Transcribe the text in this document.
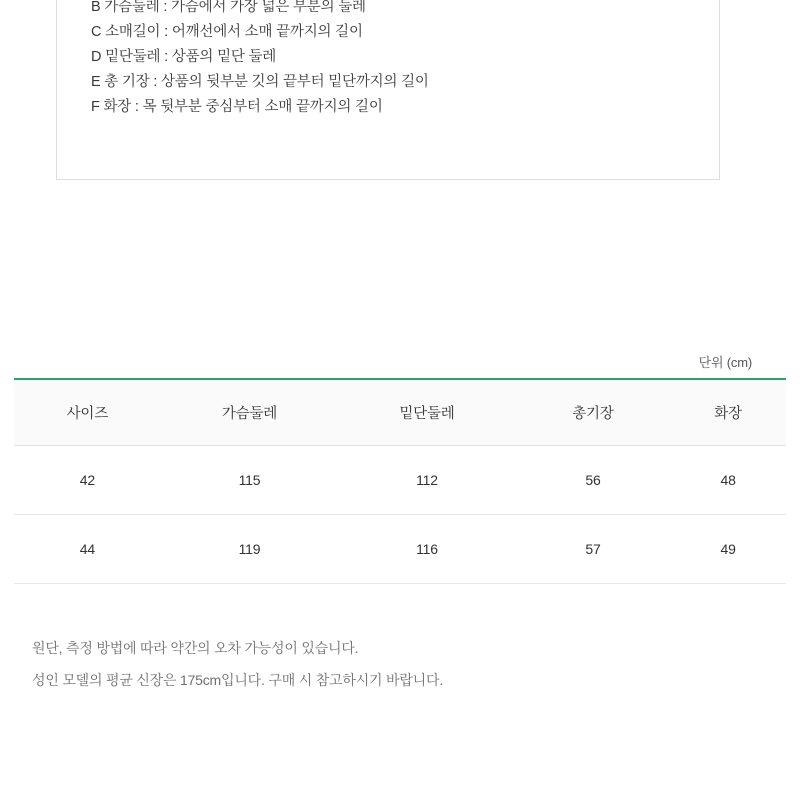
B 가슴둘레 : 가슴에서 가장 넓은 부분의 둘레
C 소매길이 : 어깨선에서 소매 끝까지의 길이
D 밑단둘레 : 상품의 밑단 둘레
E 총 기장 : 상품의 뒷부분 깃의 끝부터 밑단까지의 길이
F 화장 : 목 뒷부분 중심부터 소매 끝까지의 길이
단위 (cm)
사이즈	가슴둘레	밑단둘레	총기장	화장
42	115	112	56	48
44	119	116	57	49
원단, 측정 방법에 따라 약간의 오차 가능성이 있습니다.
성인 모델의 평균 신장은 175cm입니다. 구매 시 참고하시기 바랍니다.
